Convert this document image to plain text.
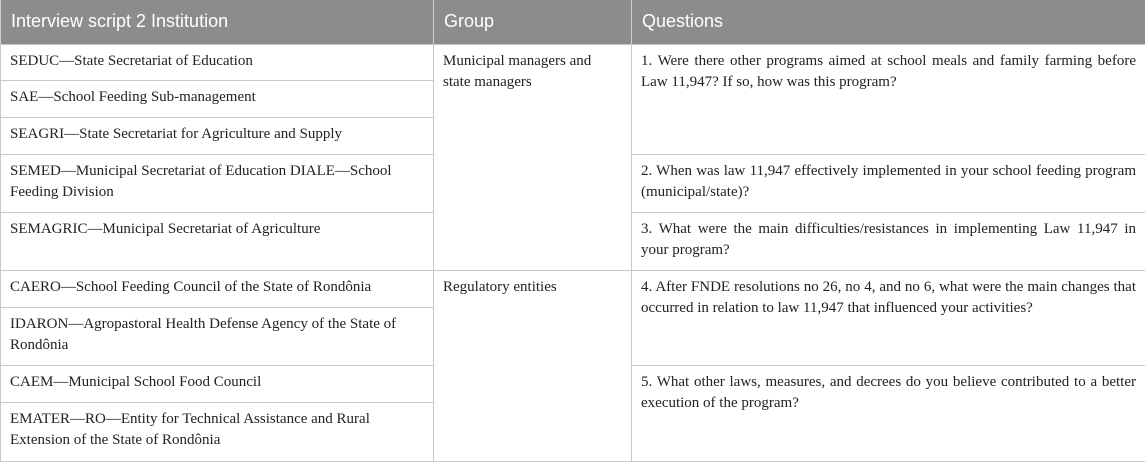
Interview script 2 Institution	Group	Questions
SEDUC—State Secretariat of Education	Municipal managers and state managers	1. Were there other programs aimed at school meals and family farming before Law 11,947? If so, how was this program?
SAE—School Feeding Sub-management		
SEAGRI—State Secretariat for Agriculture and Supply		
SEMED—Municipal Secretariat of Education DIALE—School Feeding Division		2. When was law 11,947 effectively implemented in your school feeding program (municipal/state)?
SEMAGRIC—Municipal Secretariat of Agriculture		3. What were the main difficulties/resistances in implementing Law 11,947 in your program?
CAERO—School Feeding Council of the State of Rondônia	Regulatory entities	4. After FNDE resolutions no 26, no 4, and no 6, what were the main changes that occurred in relation to law 11,947 that influenced your activities?
IDARON—Agropastoral Health Defense Agency of the State of Rondônia		
CAEM—Municipal School Food Council		5. What other laws, measures, and decrees do you believe contributed to a better execution of the program?
EMATER—RO—Entity for Technical Assistance and Rural Extension of the State of Rondônia		
